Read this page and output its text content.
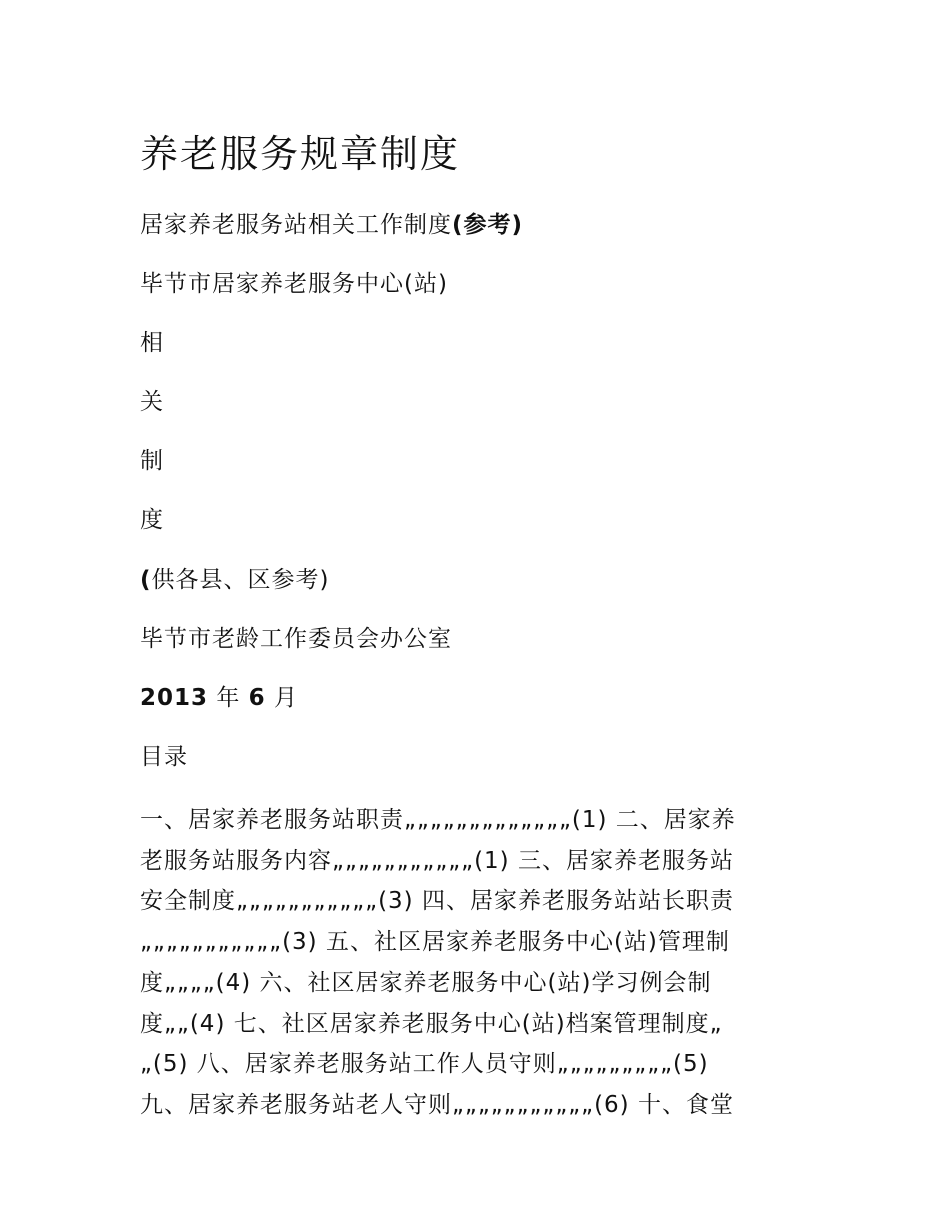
养老服务规章制度
居家养老服务站相关工作制度(参考)
毕节市居家养老服务中心(站)
相
关
制
度
(供各县、区参考)
毕节市老龄工作委员会办公室
2013 年 6 月
目录
一、居家养老服务站职责„„„„„„„„„„„„„(1) 二、居家养
老服务站服务内容„„„„„„„„„„„(1) 三、居家养老服务站
安全制度„„„„„„„„„„„(3) 四、居家养老服务站站长职责
„„„„„„„„„„„(3) 五、社区居家养老服务中心(站)管理制
度„„„„(4) 六、社区居家养老服务中心(站)学习例会制
度„„(4) 七、社区居家养老服务中心(站)档案管理制度„
„(5) 八、居家养老服务站工作人员守则„„„„„„„„„(5)
九、居家养老服务站老人守则„„„„„„„„„„„(6) 十、食堂
